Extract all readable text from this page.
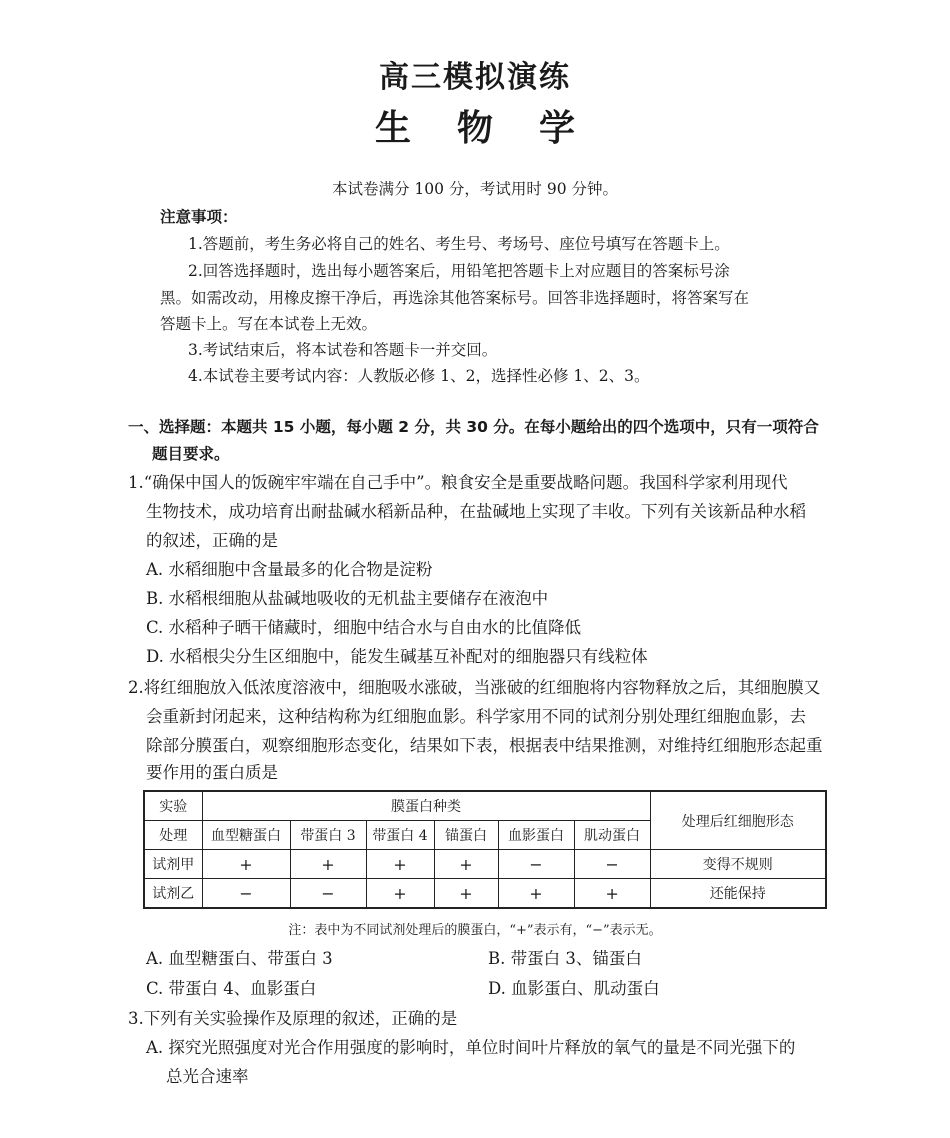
高三模拟演练
生物学
本试卷满分 100 分，考试用时 90 分钟。
注意事项：
1.答题前，考生务必将自己的姓名、考生号、考场号、座位号填写在答题卡上。
2.回答选择题时，选出每小题答案后，用铅笔把答题卡上对应题目的答案标号涂
黑。如需改动，用橡皮擦干净后，再选涂其他答案标号。回答非选择题时，将答案写在
答题卡上。写在本试卷上无效。
3.考试结束后，将本试卷和答题卡一并交回。
4.本试卷主要考试内容：人教版必修 1、2，选择性必修 1、2、3。
一、选择题：本题共 15 小题，每小题 2 分，共 30 分。在每小题给出的四个选项中，只有一项符合
题目要求。
1.“确保中国人的饭碗牢牢端在自己手中”。粮食安全是重要战略问题。我国科学家利用现代
生物技术，成功培育出耐盐碱水稻新品种，在盐碱地上实现了丰收。下列有关该新品种水稻
的叙述，正确的是
A. 水稻细胞中含量最多的化合物是淀粉
B. 水稻根细胞从盐碱地吸收的无机盐主要储存在液泡中
C. 水稻种子晒干储藏时，细胞中结合水与自由水的比值降低
D. 水稻根尖分生区细胞中，能发生碱基互补配对的细胞器只有线粒体
2.将红细胞放入低浓度溶液中，细胞吸水涨破，当涨破的红细胞将内容物释放之后，其细胞膜又
会重新封闭起来，这种结构称为红细胞血影。科学家用不同的试剂分别处理红细胞血影，去
除部分膜蛋白，观察细胞形态变化，结果如下表，根据表中结果推测，对维持红细胞形态起重
要作用的蛋白质是
实验	膜蛋白种类						处理后红细胞形态
处理	血型糖蛋白	带蛋白 3	带蛋白 4	锚蛋白	血影蛋白	肌动蛋白	
试剂甲	+	+	+	+	−	−	变得不规则
试剂乙	−	−	+	+	+	+	还能保持
注：表中为不同试剂处理后的膜蛋白，“+”表示有，“−”表示无。
A. 血型糖蛋白、带蛋白 3	B. 带蛋白 3、锚蛋白
C. 带蛋白 4、血影蛋白	D. 血影蛋白、肌动蛋白
3.下列有关实验操作及原理的叙述，正确的是
A. 探究光照强度对光合作用强度的影响时，单位时间叶片释放的氧气的量是不同光强下的
总光合速率
